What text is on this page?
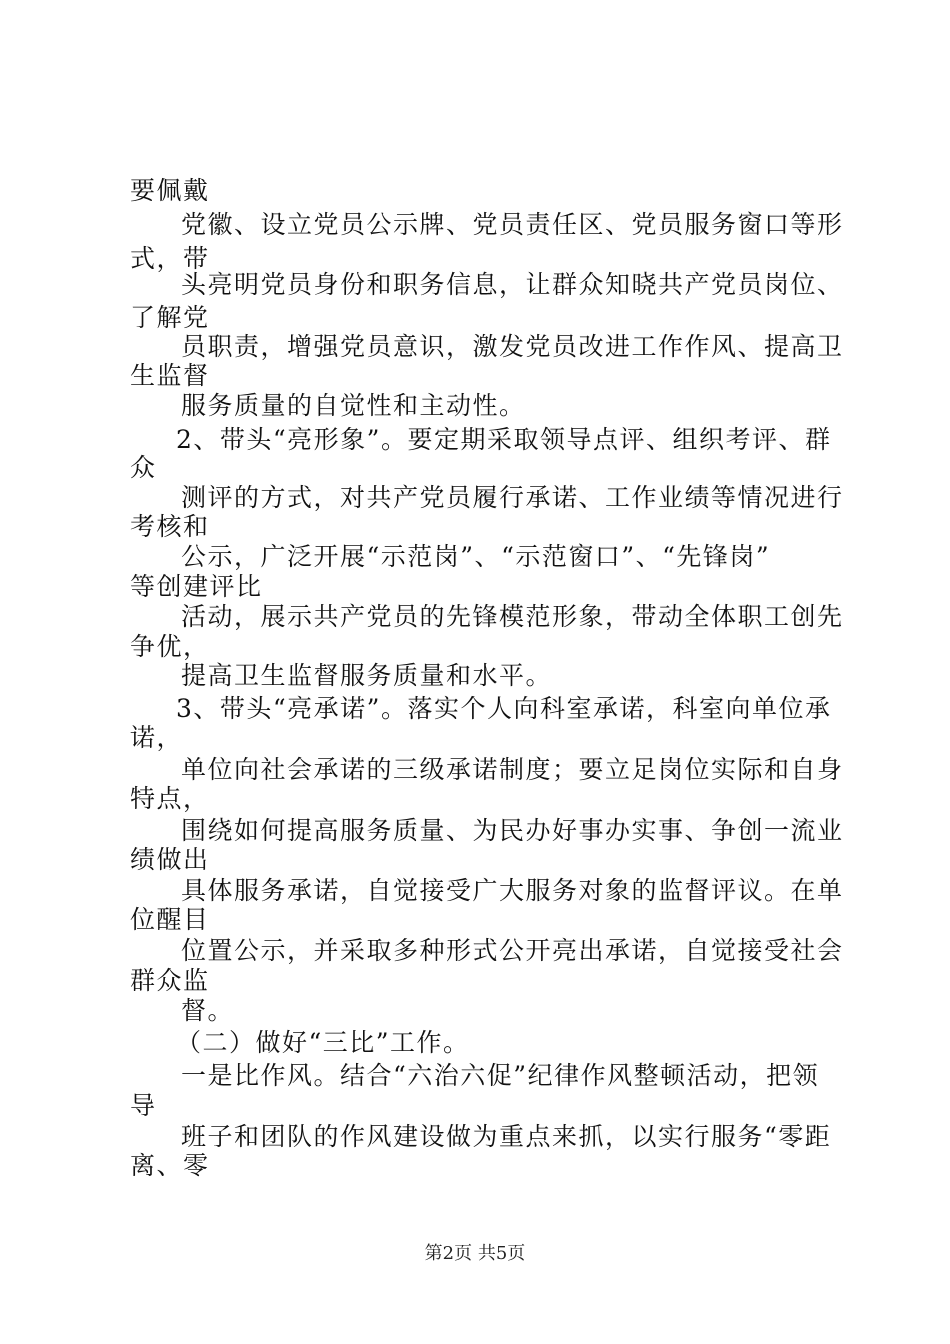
要佩戴
党徽、设立党员公示牌、党员责任区、党员服务窗口等形
式，带
头亮明党员身份和职务信息，让群众知晓共产党员岗位、
了解党
员职责，增强党员意识，激发党员改进工作作风、提高卫
生监督
服务质量的自觉性和主动性。
2、带头“亮形象”。要定期采取领导点评、组织考评、群
众
测评的方式，对共产党员履行承诺、工作业绩等情况进行
考核和
公示，广泛开展“示范岗”、“示范窗口”、“先锋岗”
等创建评比
活动，展示共产党员的先锋模范形象，带动全体职工创先
争优，
提高卫生监督服务质量和水平。
3、带头“亮承诺”。落实个人向科室承诺，科室向单位承
诺，
单位向社会承诺的三级承诺制度；要立足岗位实际和自身
特点，
围绕如何提高服务质量、为民办好事办实事、争创一流业
绩做出
具体服务承诺，自觉接受广大服务对象的监督评议。在单
位醒目
位置公示，并采取多种形式公开亮出承诺，自觉接受社会
群众监
督。
（二）做好“三比”工作。
一是比作风。结合“六治六促”纪律作风整顿活动，把领
导
班子和团队的作风建设做为重点来抓，以实行服务“零距
离、零
第2页 共5页
